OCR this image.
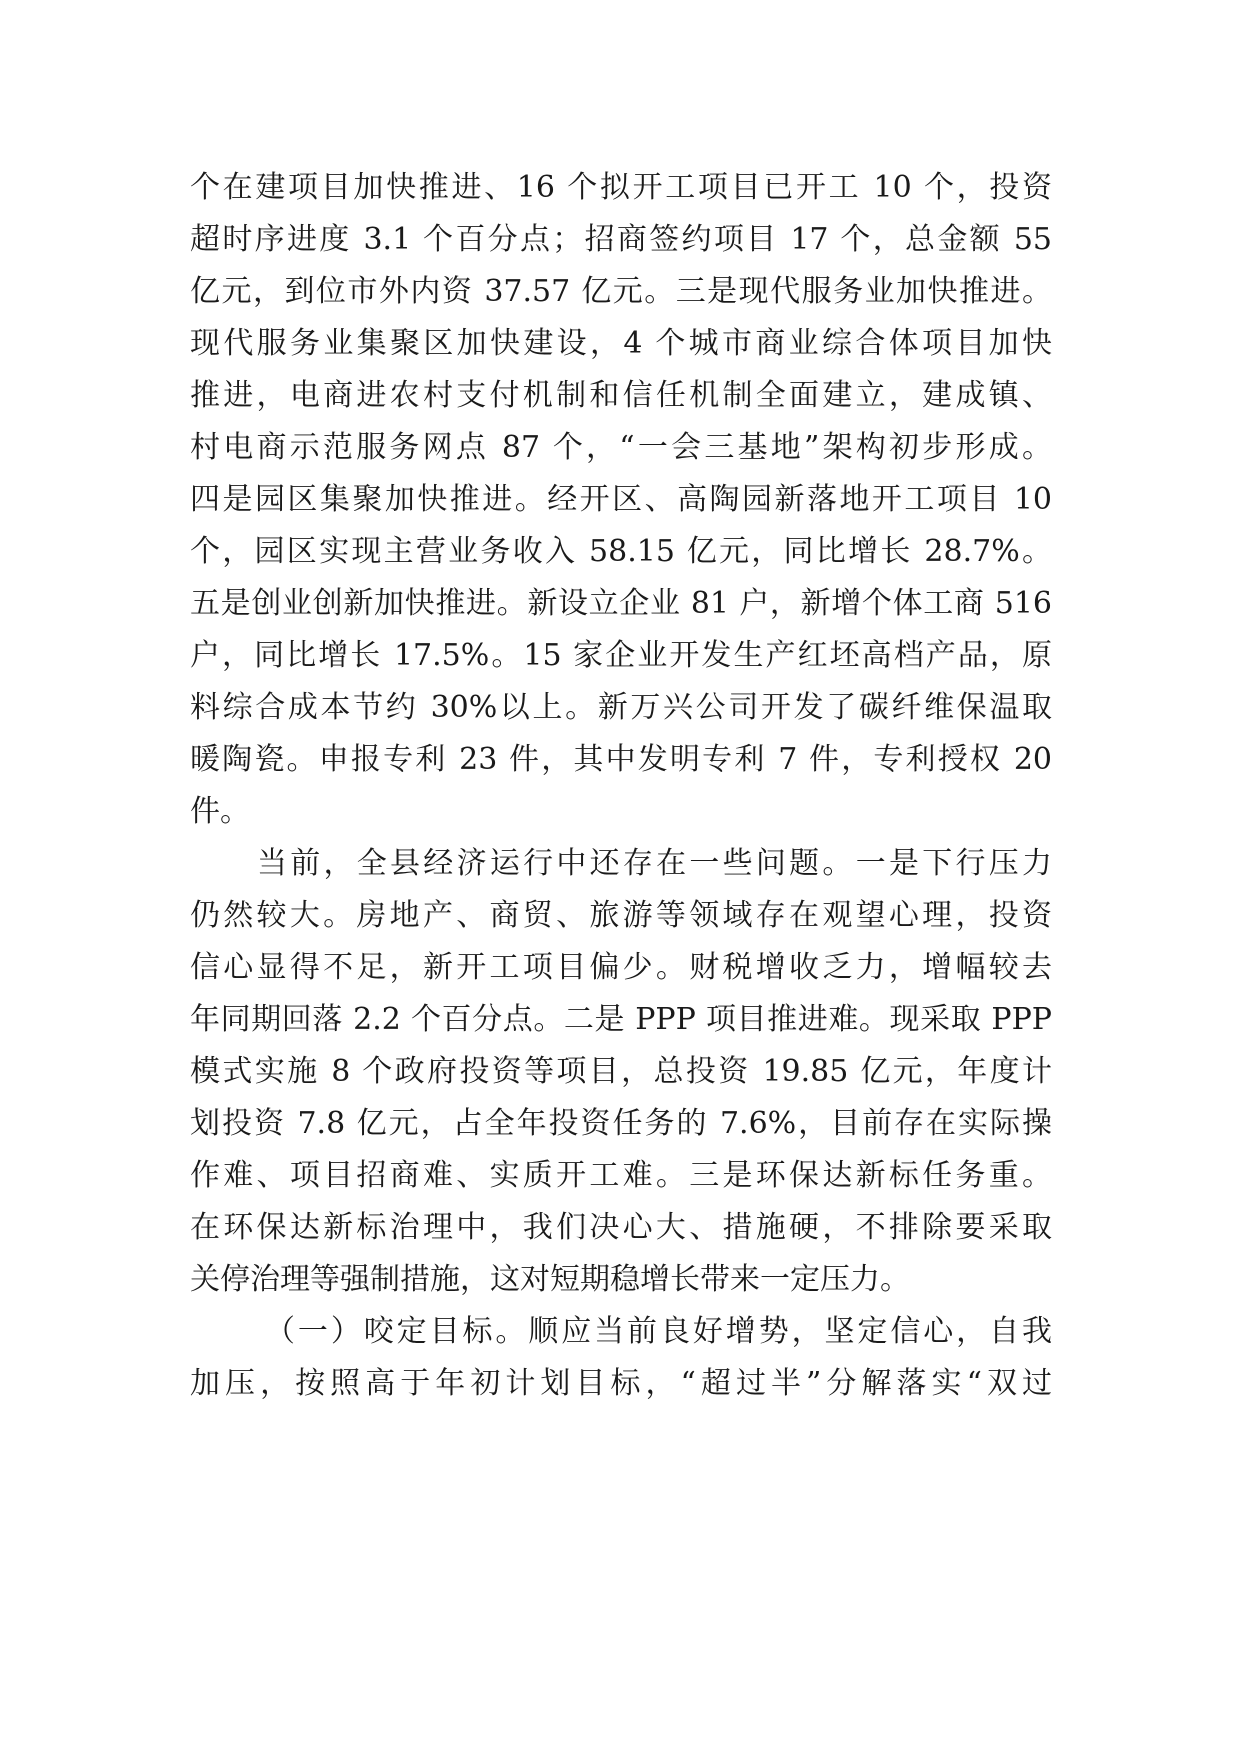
个在建项目加快推进、16 个拟开工项目已开工 10 个，投资
超时序进度 3.1 个百分点；招商签约项目 17 个，总金额 55
亿元，到位市外内资 37.57 亿元。三是现代服务业加快推进。
现代服务业集聚区加快建设，4 个城市商业综合体项目加快
推进，电商进农村支付机制和信任机制全面建立，建成镇、
村电商示范服务网点 87 个，“一会三基地”架构初步形成。
四是园区集聚加快推进。经开区、高陶园新落地开工项目 10
个，园区实现主营业务收入 58.15 亿元，同比增长 28.7%。
五是创业创新加快推进。新设立企业 81 户，新增个体工商 516
户，同比增长 17.5%。15 家企业开发生产红坯高档产品，原
料综合成本节约 30%以上。新万兴公司开发了碳纤维保温取
暖陶瓷。申报专利 23 件，其中发明专利 7 件，专利授权 20
件。
当前，全县经济运行中还存在一些问题。一是下行压力
仍然较大。房地产、商贸、旅游等领域存在观望心理，投资
信心显得不足，新开工项目偏少。财税增收乏力，增幅较去
年同期回落 2.2 个百分点。二是 PPP 项目推进难。现采取 PPP
模式实施 8 个政府投资等项目，总投资 19.85 亿元，年度计
划投资 7.8 亿元，占全年投资任务的 7.6%，目前存在实际操
作难、项目招商难、实质开工难。三是环保达新标任务重。
在环保达新标治理中，我们决心大、措施硬，不排除要采取
关停治理等强制措施，这对短期稳增长带来一定压力。
（一）咬定目标。顺应当前良好增势，坚定信心，自我
加压，按照高于年初计划目标，“超过半”分解落实“双过
